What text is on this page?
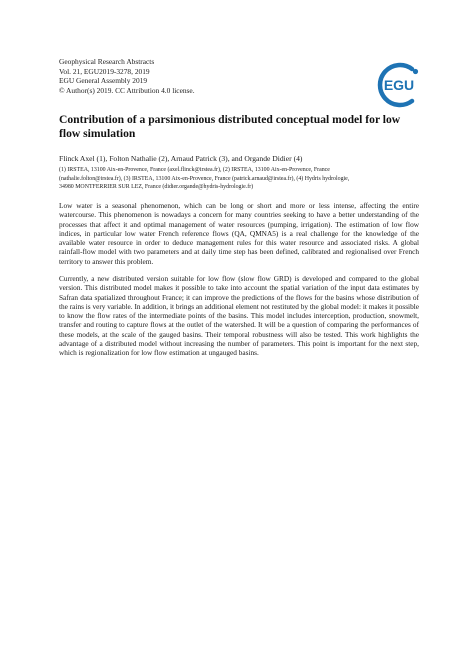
Geophysical Research Abstracts
Vol. 21, EGU2019-3278, 2019
EGU General Assembly 2019
© Author(s) 2019. CC Attribution 4.0 license.	EGU
Contribution of a parsimonious distributed conceptual model for low flow simulation
Flinck Axel (1), Folton Nathalie (2), Arnaud Patrick (3), and Organde Didier (4)
(1) IRSTEA, 13100 Aix-en-Provence, France (axel.flinck@irstea.fr), (2) IRSTEA, 13100 Aix-en-Provence, France
(nathalie.folton@irstea.fr), (3) IRSTEA, 13100 Aix-en-Provence, France (patrick.arnaud@irstea.fr), (4) Hydris hydrologie,
34980 MONTFERRIER SUR LEZ, France (didier.organde@hydris-hydrologie.fr)
Low water is a seasonal phenomenon, which can be long or short and more or less intense, affecting the entire watercourse. This phenomenon is nowadays a concern for many countries seeking to have a better understanding of the processes that affect it and optimal management of water resources (pumping, irrigation). The estimation of low flow indices, in particular low water French reference flows (QA, QMNA5) is a real challenge for the knowledge of the available water resource in order to deduce management rules for this water resource and associated risks. A global rainfall-flow model with two parameters and at daily time step has been defined, calibrated and regionalised over French territory to answer this problem.
Currently, a new distributed version suitable for low flow (slow flow GRD) is developed and compared to the global version. This distributed model makes it possible to take into account the spatial variation of the input data estimates by Safran data spatialized throughout France; it can improve the predictions of the flows for the basins whose distribution of the rains is very variable. In addition, it brings an additional element not restituted by the global model: it makes it possible to know the flow rates of the intermediate points of the basins. This model includes interception, production, snowmelt, transfer and routing to capture flows at the outlet of the watershed. It will be a question of comparing the performances of these models, at the scale of the gauged basins. Their temporal robustness will also be tested. This work highlights the advantage of a distributed model without increasing the number of parameters. This point is important for the next step, which is regionalization for low flow estimation at ungauged basins.
